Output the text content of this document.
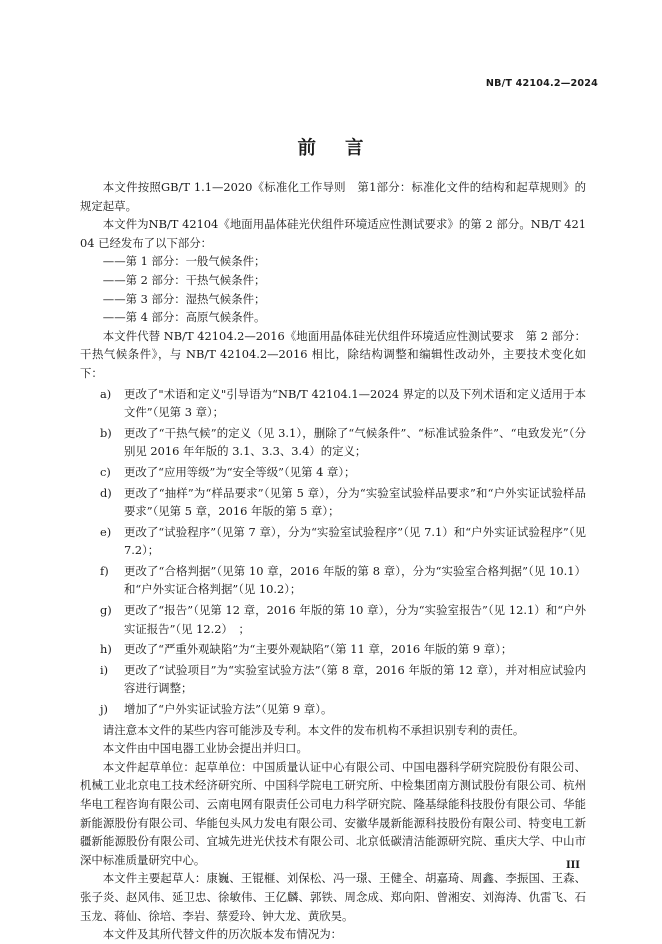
NB/T 42104.2—2024
前 言

本文件按照GB/T 1.1—2020《标准化工作导则　第1部分：标准化文件的结构和起草规则》的规定起草。

本文件为NB/T 42104《地面用晶体硅光伏组件环境适应性测试要求》的第 2 部分。NB/T 42104 已经发布了以下部分：

——第 1 部分：一般气候条件；
——第 2 部分：干热气候条件；
——第 3 部分：湿热气候条件；
——第 4 部分：高原气候条件。

本文件代替 NB/T 42104.2—2016《地面用晶体硅光伏组件环境适应性测试要求　第 2 部分：干热气候条件》，与 NB/T 42104.2—2016 相比，除结构调整和编辑性改动外，主要技术变化如下：

a)	更改了"术语和定义"引导语为“NB/T 42104.1—2024 界定的以及下列术语和定义适用于本文件”（见第 3 章）；
b)	更改了“干热气候”的定义（见 3.1），删除了“气候条件”、“标准试验条件”、“电致发光”（分别见 2016 年年版的 3.1、3.3、3.4）的定义；
c)	更改了“应用等级”为“安全等级”（见第 4 章）；
d)	更改了“抽样”为“样品要求”（见第 5 章），分为“实验室试验样品要求”和“户外实证试验样品要求”（见第 5 章，2016 年版的第 5 章）；
e)	更改了“试验程序”（见第 7 章），分为“实验室试验程序”（见 7.1）和“户外实证试验程序”（见 7.2）；
f)	更改了“合格判据”（见第 10 章，2016 年版的第 8 章），分为“实验室合格判据”（见 10.1）和“户外实证合格判据”（见 10.2）；
g)	更改了“报告”（见第 12 章，2016 年版的第 10 章），分为“实验室报告”（见 12.1）和“户外实证报告”（见 12.2）　；
h)	更改了“严重外观缺陷”为“主要外观缺陷”（第 11 章，2016 年版的第 9 章）；
i)	更改了“试验项目”为“实验室试验方法”（第 8 章，2016 年版的第 12 章），并对相应试验内容进行调整；
j)	增加了“户外实证试验方法”（见第 9 章）。

请注意本文件的某些内容可能涉及专利。本文件的发布机构不承担识别专利的责任。

本文件由中国电器工业协会提出并归口。

本文件起草单位：起草单位：中国质量认证中心有限公司、中国电器科学研究院股份有限公司、机械工业北京电工技术经济研究所、中国科学院电工研究所、中检集团南方测试股份有限公司、杭州华电工程咨询有限公司、云南电网有限责任公司电力科学研究院、隆基绿能科技股份有限公司、华能新能源股份有限公司、华能包头风力发电有限公司、安徽华晟新能源科技股份有限公司、特变电工新疆新能源股份有限公司、宜城先进光伏技术有限公司、北京低碳清洁能源研究院、重庆大学、中山市深中标准质量研究中心。

本文件主要起草人：康巍、王锟榧、刘保松、冯一璟、王健全、胡嘉琦、周鑫、李振国、王森、张子炎、赵风伟、延卫忠、徐敏伟、王亿麟、郭铁、周念成、郑向阳、曾湘安、刘海涛、仇雷飞、石玉龙、蒋仙、徐培、李岩、蔡爱玲、钟大龙、黄欣昊。

本文件及其所代替文件的历次版本发布情况为：

III
